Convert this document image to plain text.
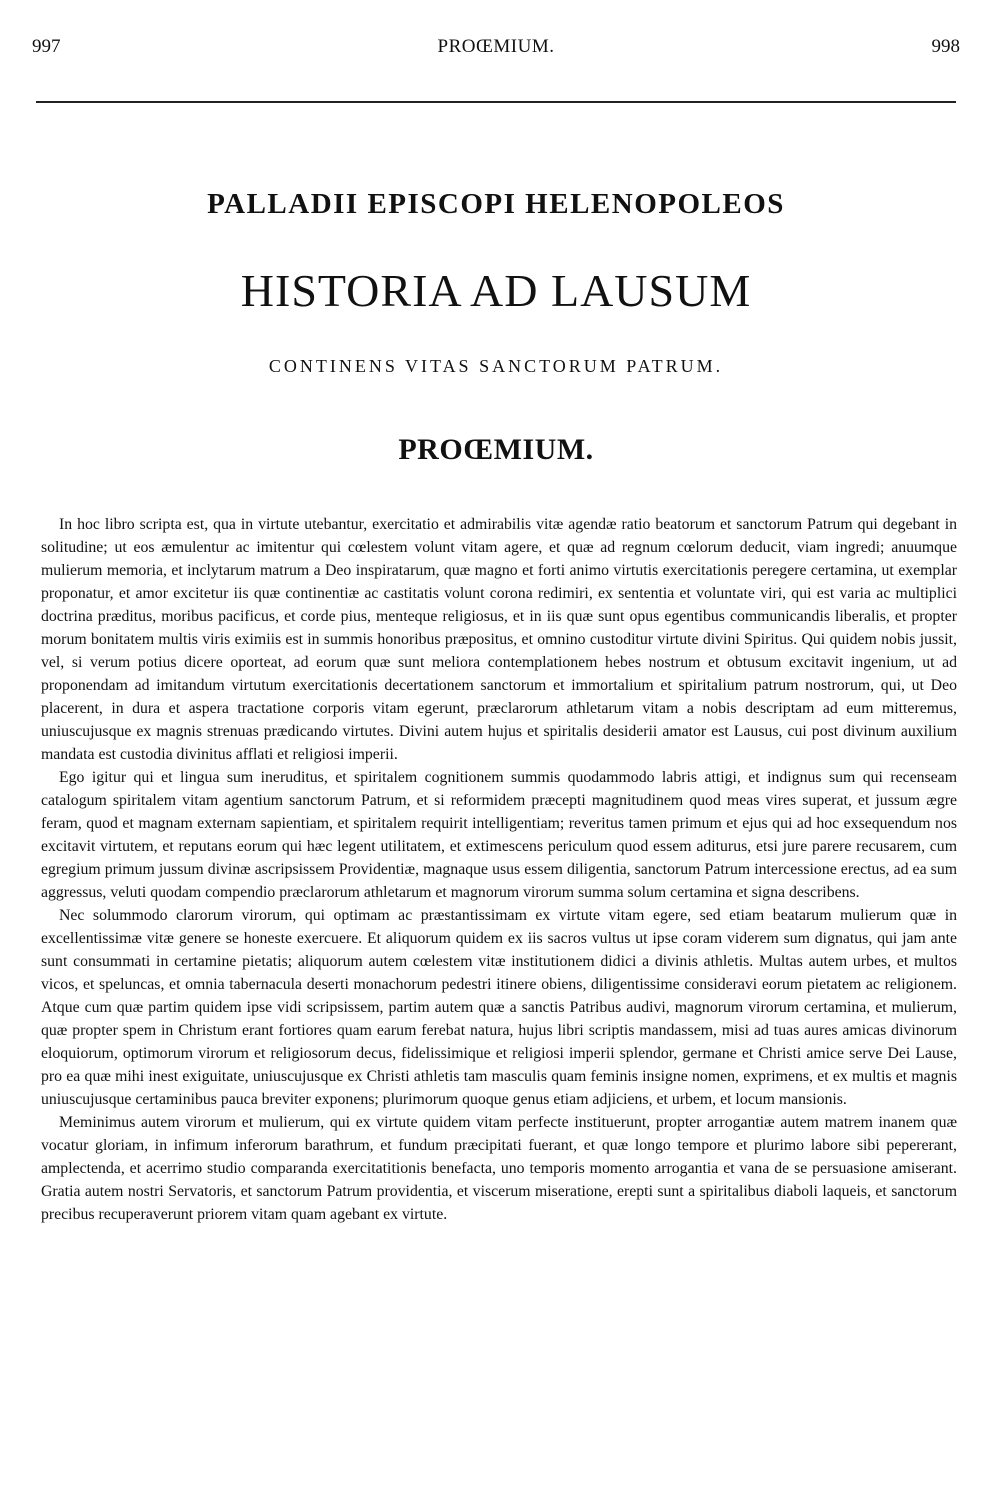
997	PROŒMIUM.	998
PALLADII EPISCOPI HELENOPOLEOS
HISTORIA AD LAUSUM
CONTINENS VITAS SANCTORUM PATRUM.
PROŒMIUM.

In hoc libro scripta est, qua in virtute utebantur, exercitatio et admirabilis vitæ agendæ ratio beatorum et sanctorum Patrum qui degebant in solitudine; ut eos æmulentur ac imitentur qui cœlestem volunt vitam agere, et quæ ad regnum cœlorum deducit, viam ingredi; anuumque mulierum memoria, et inclytarum matrum a Deo inspiratarum, quæ magno et forti animo virtutis exercitationis peregere certamina, ut exemplar proponatur, et amor excitetur iis quæ continentiæ ac castitatis volunt corona redimiri, ex sententia et voluntate viri, qui est varia ac multiplici doctrina præditus, moribus pacificus, et corde pius, menteque religiosus, et in iis quæ sunt opus egentibus communicandis liberalis, et propter morum bonitatem multis viris eximiis est in summis honoribus præpositus, et omnino custoditur virtute divini Spiritus. Qui quidem nobis jussit, vel, si verum potius dicere oporteat, ad eorum quæ sunt meliora contemplationem hebes nostrum et obtusum excitavit ingenium, ut ad proponendam ad imitandum virtutum exercitationis decertationem sanctorum et immortalium et spiritalium patrum nostrorum, qui, ut Deo placerent, in dura et aspera tractatione corporis vitam egerunt, præclarorum athletarum vitam a nobis descriptam ad eum mitteremus, uniuscujusque ex magnis strenuas prædicando virtutes. Divini autem hujus et spiritalis desiderii amator est Lausus, cui post divinum auxilium mandata est custodia divinitus afflati et religiosi imperii.

Ego igitur qui et lingua sum ineruditus, et spiritalem cognitionem summis quodammodo labris attigi, et indignus sum qui recenseam catalogum spiritalem vitam agentium sanctorum Patrum, et si reformidem præcepti magnitudinem quod meas vires superat, et jussum ægre feram, quod et magnam externam sapientiam, et spiritalem requirit intelligentiam; reveritus tamen primum et ejus qui ad hoc exsequendum nos excitavit virtutem, et reputans eorum qui hæc legent utilitatem, et extimescens periculum quod essem aditurus, etsi jure parere recusarem, cum egregium primum jussum divinæ ascripsissem Providentiæ, magnaque usus essem diligentia, sanctorum Patrum intercessione erectus, ad ea sum aggressus, veluti quodam compendio præclarorum athletarum et magnorum virorum summa solum certamina et signa describens.

Nec solummodo clarorum virorum, qui optimam ac præstantissimam ex virtute vitam egere, sed etiam beatarum mulierum quæ in excellentissimæ vitæ genere se honeste exercuere. Et aliquorum quidem ex iis sacros vultus ut ipse coram viderem sum dignatus, qui jam ante sunt consummati in certamine pietatis; aliquorum autem cœlestem vitæ institutionem didici a divinis athletis. Multas autem urbes, et multos vicos, et speluncas, et omnia tabernacula deserti monachorum pedestri itinere obiens, diligentissime consideravi eorum pietatem ac religionem. Atque cum quæ partim quidem ipse vidi scripsissem, partim autem quæ a sanctis Patribus audivi, magnorum virorum certamina, et mulierum, quæ propter spem in Christum erant fortiores quam earum ferebat natura, hujus libri scriptis mandassem, misi ad tuas aures amicas divinorum eloquiorum, optimorum virorum et religiosorum decus, fidelissimique et religiosi imperii splendor, germane et Christi amice serve Dei Lause, pro ea quæ mihi inest exiguitate, uniuscujusque ex Christi athletis tam masculis quam feminis insigne nomen, exprimens, et ex multis et magnis uniuscujusque certaminibus pauca breviter exponens; plurimorum quoque genus etiam adjiciens, et urbem, et locum mansionis.

Meminimus autem virorum et mulierum, qui ex virtute quidem vitam perfecte instituerunt, propter arrogantiæ autem matrem inanem quæ vocatur gloriam, in infimum inferorum barathrum, et fundum præcipitati fuerant, et quæ longo tempore et plurimo labore sibi pepererant, amplectenda, et acerrimo studio comparanda exercitatitionis benefacta, uno temporis momento arrogantia et vana de se persuasione amiserant. Gratia autem nostri Servatoris, et sanctorum Patrum providentia, et viscerum miseratione, erepti sunt a spiritalibus diaboli laqueis, et sanctorum precibus recuperaverunt priorem vitam quam agebant ex virtute.
